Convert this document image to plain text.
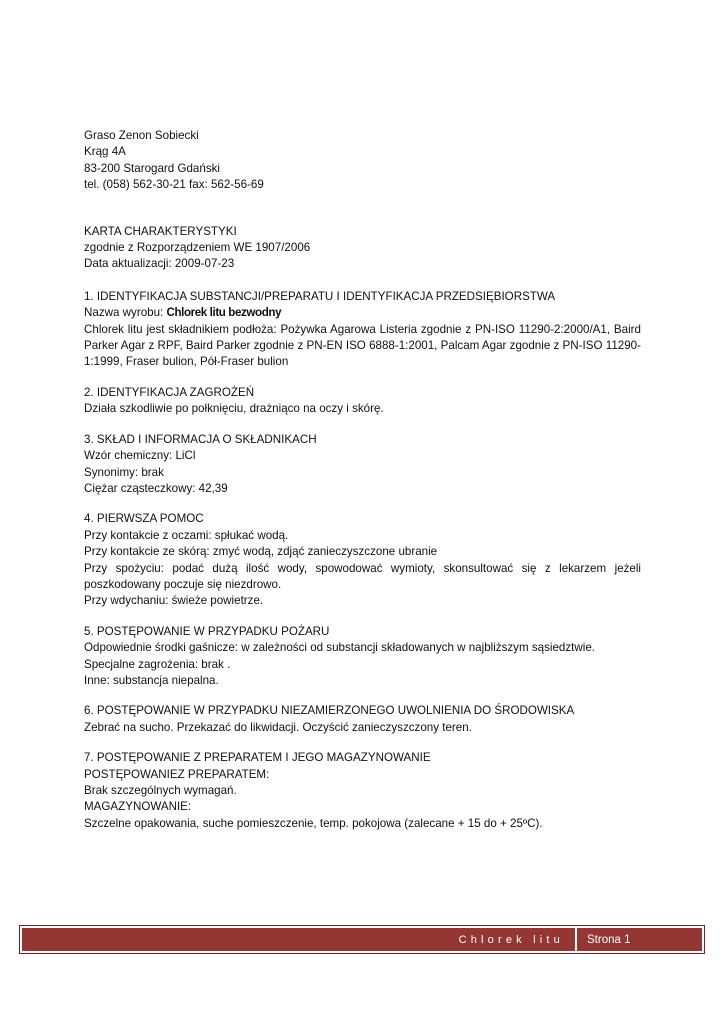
Graso Zenon Sobiecki
Krąg 4A
83-200 Starogard Gdański
tel. (058) 562-30-21 fax: 562-56-69
KARTA CHARAKTERYSTYKI
zgodnie z Rozporządzeniem WE 1907/2006
Data aktualizacji: 2009-07-23
1. IDENTYFIKACJA SUBSTANCJI/PREPARATU I IDENTYFIKACJA PRZEDSIĘBIORSTWA
Nazwa wyrobu: Chlorek litu bezwodny
Chlorek litu jest składnikiem podłoża: Pożywka Agarowa Listeria zgodnie z PN-ISO 11290-2:2000/A1, Baird Parker Agar z RPF, Baird Parker zgodnie z PN-EN ISO 6888-1:2001, Palcam Agar zgodnie z PN-ISO 11290-1:1999, Fraser bulion, Pół-Fraser bulion
2. IDENTYFIKACJA ZAGROŻEŃ
Działa szkodliwie po połknięciu, drażniąco na oczy i skórę.
3. SKŁAD I INFORMACJA O SKŁADNIKACH
Wzór chemiczny: LiCl
Synonimy: brak
Ciężar cząsteczkowy: 42,39
4. PIERWSZA POMOC
Przy kontakcie z oczami: spłukać wodą.
Przy kontakcie ze skórą: zmyć wodą, zdjąć zanieczyszczone ubranie
Przy spożyciu: podać dużą ilość wody, spowodować wymioty, skonsultować się z lekarzem jeżeli poszkodowany poczuje się niezdrowo.
Przy wdychaniu: świeże powietrze.
5. POSTĘPOWANIE W PRZYPADKU POŻARU
Odpowiednie środki gaśnicze: w zależności od substancji składowanych w najbliższym sąsiedztwie.
Specjalne zagrożenia: brak .
Inne: substancja niepalna.
6. POSTĘPOWANIE W PRZYPADKU NIEZAMIERZONEGO UWOLNIENIA DO ŚRODOWISKA
Zebrać na sucho. Przekazać do likwidacji. Oczyścić zanieczyszczony teren.
7. POSTĘPOWANIE Z PREPARATEM I JEGO MAGAZYNOWANIE
POSTĘPOWANIEZ PREPARATEM:
Brak szczególnych wymagań.
MAGAZYNOWANIE:
Szczelne opakowania, suche pomieszczenie, temp. pokojowa (zalecane + 15 do + 25ºC).
Chlorek litu Strona 1
